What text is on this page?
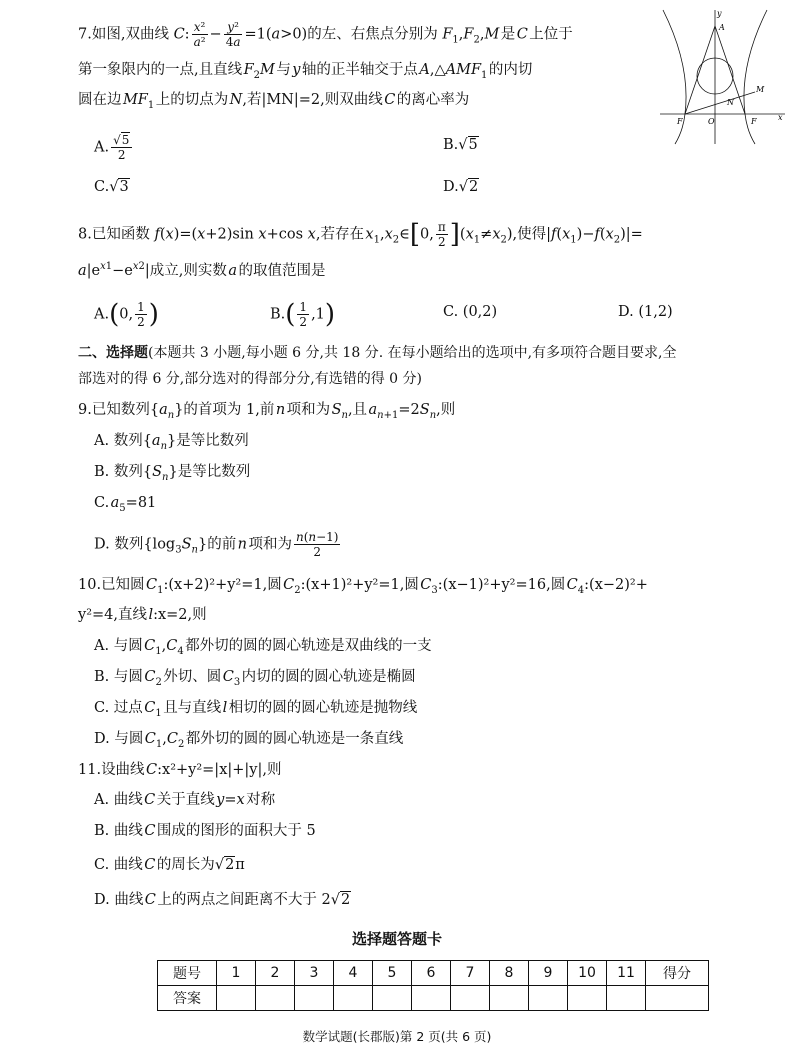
7.如图,双曲线 C: $\frac{\text{x²}}{\text{a²}} - \frac{\text{y²}}{4a} =1(a>0)$的左、右焦点分别为 $F_1,F_2,M$ 是 C 上位于
第一象限内的一点,且直线 $F_2M$ 与 y 轴的正半轴交于点 $A,\triangle AMF_1$ 的内切
圆在边 $MF_1$ 上的切点为 N,若|MN|=2,则双曲线 C 的离心率为
A. $\frac{√5}{2}$	B.√5
C.√3	D.√2
y
A
M
N
O
F	F	x
8.已知函数 f(x)=(x+2)sin x+cos x,若存在 $x_1,x_2\in[0$, $\frac{\pi}{2} ](x_1\ne x_2)$,使得$|f(x_1)-f(x_2)|=$
$a|e^{x1}-e^{x2}|$成立,则实数 a 的取值范围是
A.(0, $\frac{1}{2}$ )	$B.( \frac{1}{2} ,1)$	C. (0,2)	D. (1,2)
二、选择题(本题共 3 小题,每小题 6 分,共 18 分. 在每小题给出的选项中,有多项符合题目要求,全
部选对的得 6 分,部分选对的得部分分,有选错的得 0 分)
9.已知数列$\{a_n\}$的首项为 1,前 n 项和为 $S_n$,且 $a_{n+1}=2S_n$,则
A. 数列$\{a_n\}$是等比数列
B. 数列$\{S_n\}$是等比数列
C. $a_5=81$
D. 数列$\{\log_3S_n\}$的前 n 项和为 $\frac{n(n-1)}{2}$
10.已知圆 $C_1:(x+2)^2+y^2=1$,圆 $C_2:(x+1)^2+y^2=1$,圆 $C_3:(x-1)^2+y^2=16$,圆 $C_4:(x-2)^2+$
y²=4,直线 l:x=2,则
A. 与圆 $C_1,C_4$ 都外切的圆的圆心轨迹是双曲线的一支
B. 与圆 $C_2$ 外切、圆 $C_3$ 内切的圆的圆心轨迹是椭圆
C. 过点 $C_1$ 且与直线 l 相切的圆的圆心轨迹是抛物线
D. 与圆 $C_1,C_2$ 都外切的圆的圆心轨迹是一条直线
11.设曲线 C:x²+y²=|x|+|y|,则
A. 曲线 C 关于直线 y=x 对称
B. 曲线 C 围成的图形的面积大于 5
C. 曲线 C 的周长为√2π
D. 曲线 C 上的两点之间距离不大于 2√2
选择题答题卡
题号	1	2	3	4	5	6	7	8	9	10	11	得分
答案												
数学试题(长郡版)第 2 页(共 6 页)
